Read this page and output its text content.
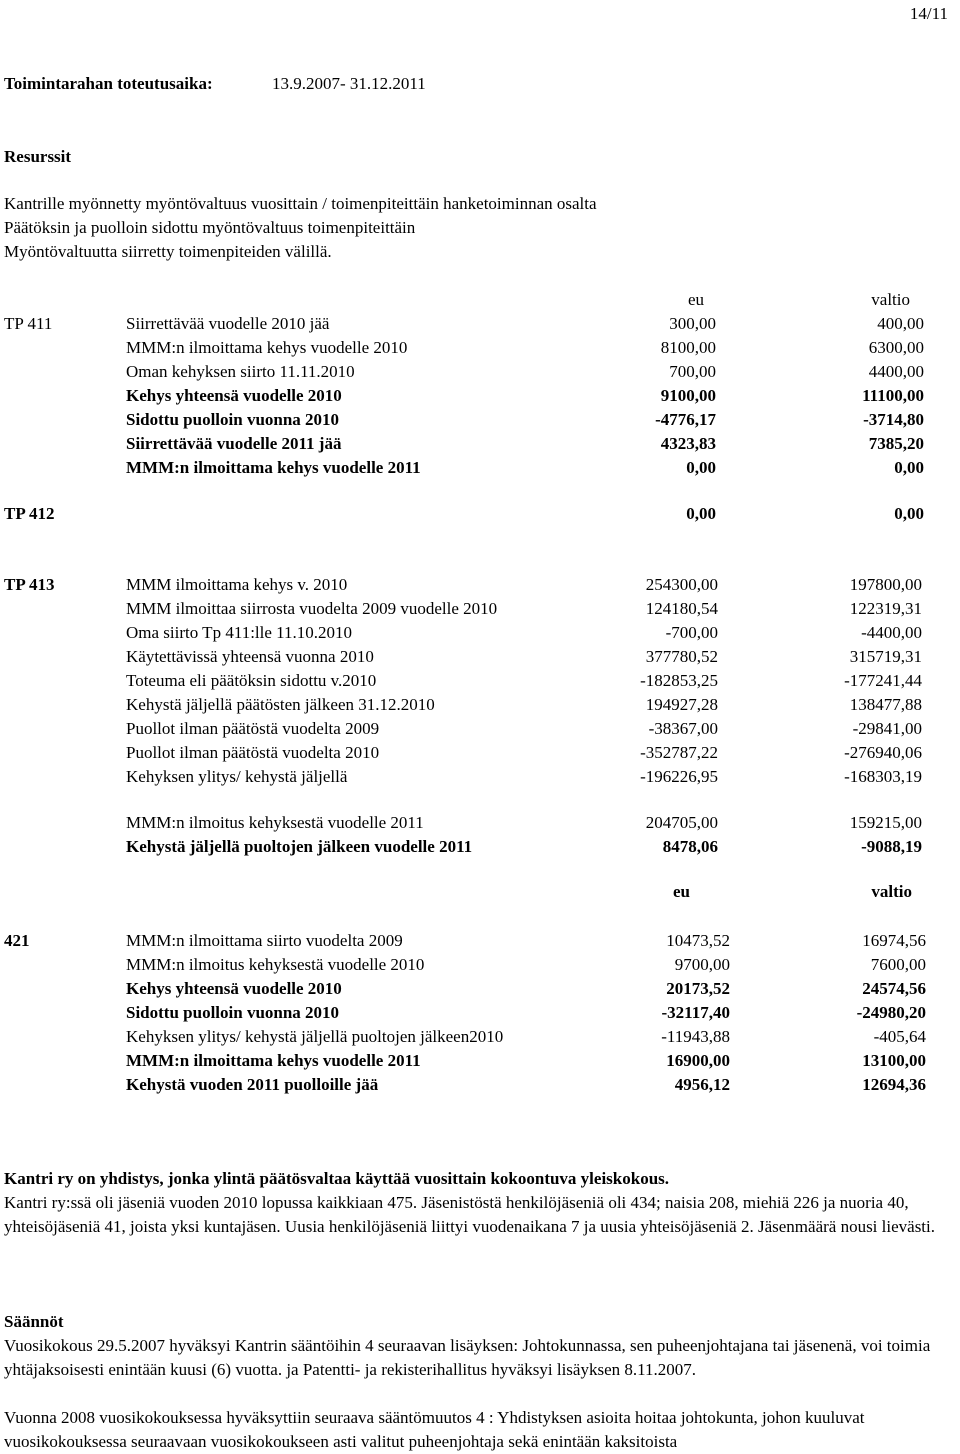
14/11
Toimintarahan toteutusaika:	13.9.2007- 31.12.2011
Resurssit
Kantrille myönnetty myöntövaltuus vuosittain / toimenpiteittäin hanketoiminnan osalta
Päätöksin ja puolloin sidottu myöntövaltuus toimenpiteittäin
Myöntövaltuutta siirretty toimenpiteiden välillä.
eu	valtio
TP 411	Siirrettävää vuodelle 2010 jää	300,00	400,00
MMM:n ilmoittama kehys vuodelle 2010	8100,00	6300,00
Oman kehyksen siirto 11.11.2010	700,00	4400,00
Kehys yhteensä vuodelle 2010	9100,00	11100,00
Sidottu puolloin vuonna 2010	-4776,17	-3714,80
Siirrettävää vuodelle 2011 jää	4323,83	7385,20
MMM:n ilmoittama kehys vuodelle 2011	0,00	0,00
TP 412	0,00	0,00
TP 413	MMM ilmoittama kehys v. 2010	254300,00	197800,00
MMM ilmoittaa siirrosta vuodelta 2009 vuodelle 2010	124180,54	122319,31
Oma siirto Tp 411:lle 11.10.2010	-700,00	-4400,00
Käytettävissä yhteensä vuonna 2010	377780,52	315719,31
Toteuma eli päätöksin sidottu v.2010	-182853,25	-177241,44
Kehystä jäljellä päätösten jälkeen 31.12.2010	194927,28	138477,88
Puollot ilman päätöstä vuodelta 2009	-38367,00	-29841,00
Puollot ilman päätöstä vuodelta 2010	-352787,22	-276940,06
Kehyksen ylitys/ kehystä jäljellä	-196226,95	-168303,19
MMM:n ilmoitus kehyksestä vuodelle 2011	204705,00	159215,00
Kehystä jäljellä puoltojen jälkeen vuodelle 2011	8478,06	-9088,19
eu	valtio
421	MMM:n ilmoittama siirto vuodelta 2009	10473,52	16974,56
MMM:n ilmoitus kehyksestä vuodelle 2010	9700,00	7600,00
Kehys yhteensä vuodelle 2010	20173,52	24574,56
Sidottu puolloin vuonna 2010	-32117,40	-24980,20
Kehyksen ylitys/ kehystä jäljellä puoltojen jälkeen2010	-11943,88	-405,64
MMM:n ilmoittama kehys vuodelle 2011	16900,00	13100,00
Kehystä vuoden 2011 puolloille jää	4956,12	12694,36
Kantri ry on yhdistys, jonka ylintä päätösvaltaa käyttää vuosittain kokoontuva yleiskokous.
Kantri ry:ssä oli jäseniä vuoden 2010 lopussa kaikkiaan 475. Jäsenistöstä henkilöjäseniä oli 434; naisia 208, miehiä 226 ja nuoria 40, yhteisöjäseniä 41, joista yksi kuntajäsen. Uusia henkilöjäseniä liittyi vuodenaikana 7 ja uusia yhteisöjäseniä 2. Jäsenmäärä nousi lievästi.
Säännöt
Vuosikokous 29.5.2007 hyväksyi Kantrin sääntöihin 4 seuraavan lisäyksen: Johtokunnassa, sen puheenjohtajana tai jäsenenä, voi toimia yhtäjaksoisesti enintään kuusi (6) vuotta. ja Patentti- ja rekisterihallitus hyväksyi lisäyksen 8.11.2007.
Vuonna 2008 vuosikokouksessa hyväksyttiin seuraava sääntömuutos 4 : Yhdistyksen asioita hoitaa johtokunta, johon kuuluvat vuosikokouksessa seuraavaan vuosikokoukseen asti valitut puheenjohtaja sekä enintään kaksitoista
